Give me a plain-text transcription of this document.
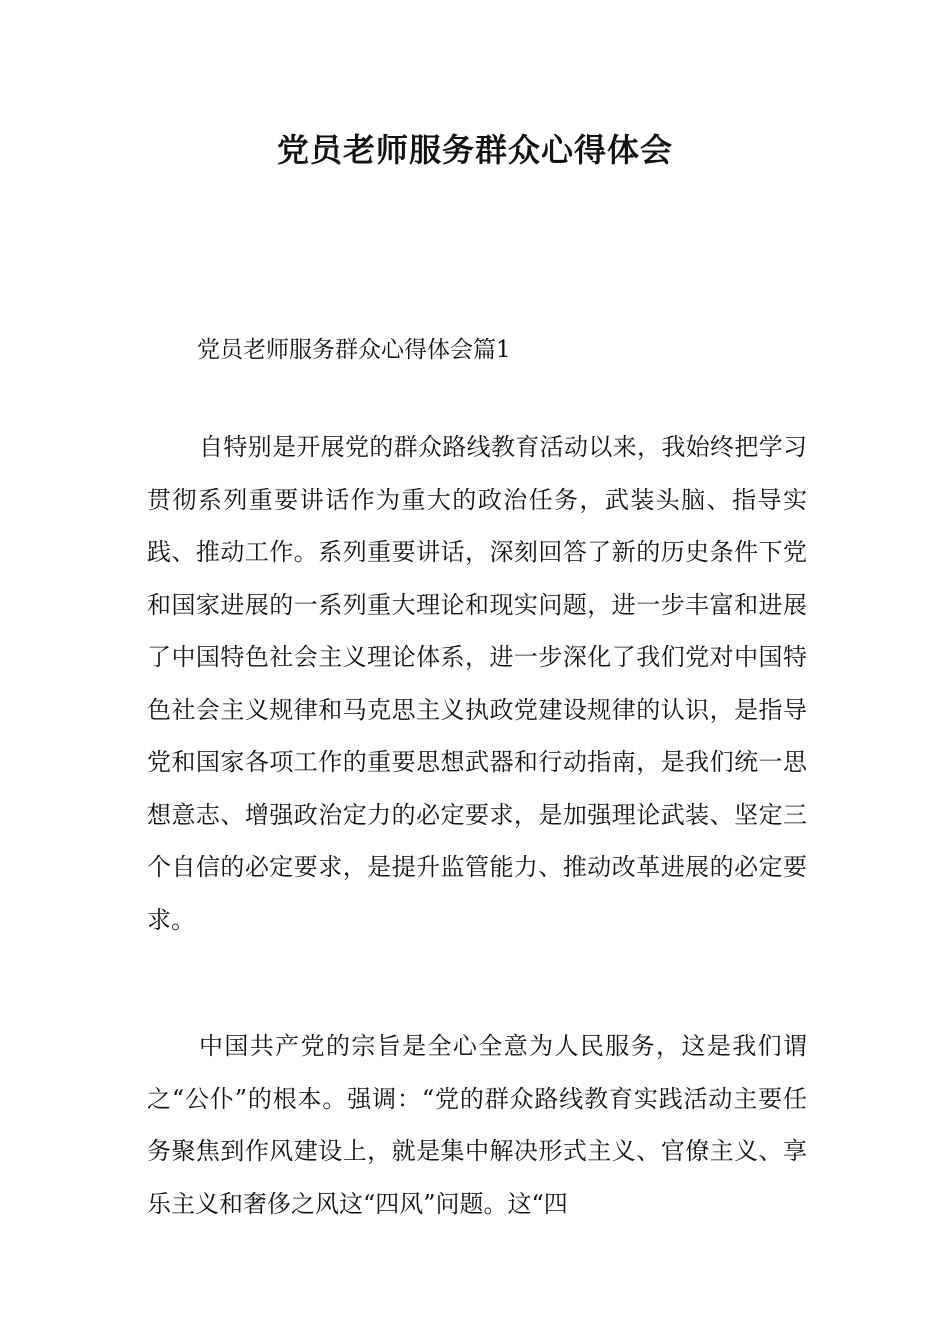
党员老师服务群众心得体会

党员老师服务群众心得体会篇1

自特别是开展党的群众路线教育活动以来，我始终把学习贯彻系列重要讲话作为重大的政治任务，武装头脑、指导实践、推动工作。系列重要讲话，深刻回答了新的历史条件下党和国家进展的一系列重大理论和现实问题，进一步丰富和进展了中国特色社会主义理论体系，进一步深化了我们党对中国特色社会主义规律和马克思主义执政党建设规律的认识，是指导党和国家各项工作的重要思想武器和行动指南，是我们统一思想意志、增强政治定力的必定要求，是加强理论武装、坚定三个自信的必定要求，是提升监管能力、推动改革进展的必定要求。

中国共产党的宗旨是全心全意为人民服务，这是我们谓之“公仆”的根本。强调：“党的群众路线教育实践活动主要任务聚焦到作风建设上，就是集中解决形式主义、官僚主义、享乐主义和奢侈之风这“四风”问题。这“四
